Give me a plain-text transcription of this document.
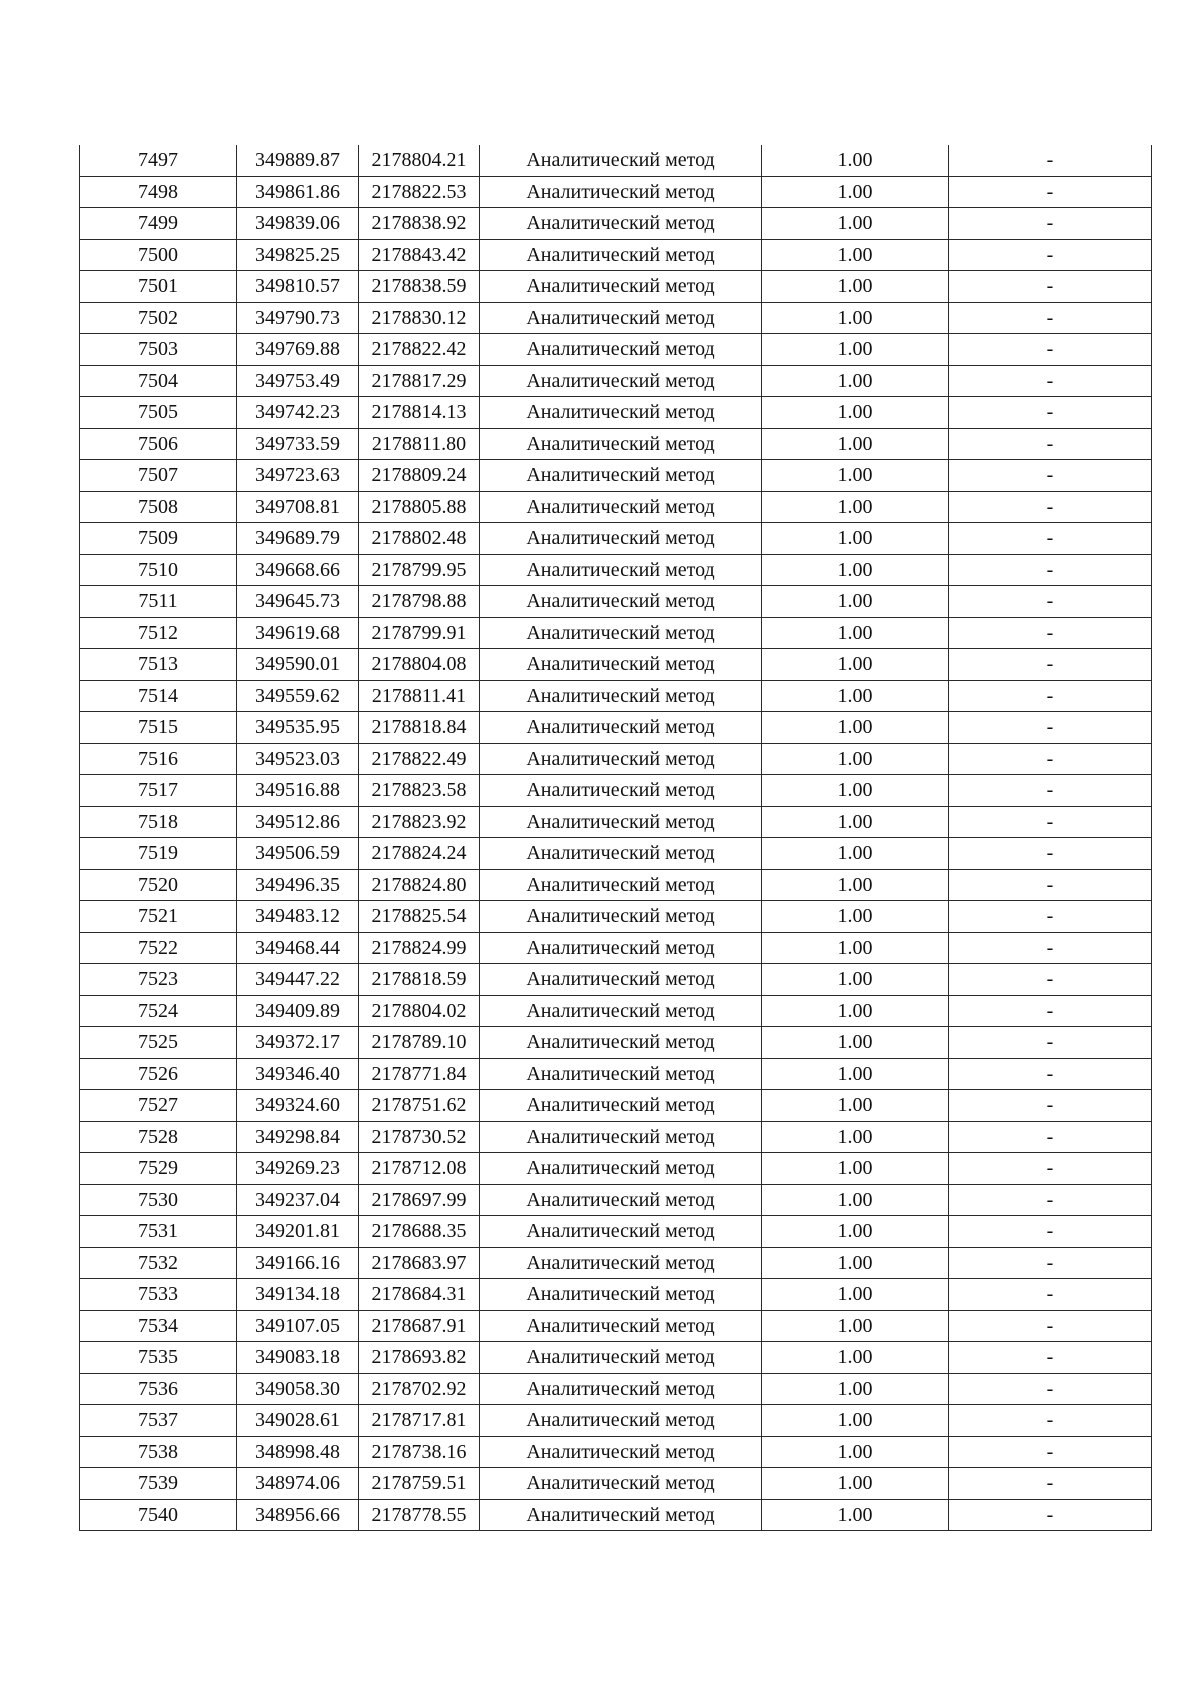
7497	349889.87	2178804.21	Аналитический метод	1.00	-
7498	349861.86	2178822.53	Аналитический метод	1.00	-
7499	349839.06	2178838.92	Аналитический метод	1.00	-
7500	349825.25	2178843.42	Аналитический метод	1.00	-
7501	349810.57	2178838.59	Аналитический метод	1.00	-
7502	349790.73	2178830.12	Аналитический метод	1.00	-
7503	349769.88	2178822.42	Аналитический метод	1.00	-
7504	349753.49	2178817.29	Аналитический метод	1.00	-
7505	349742.23	2178814.13	Аналитический метод	1.00	-
7506	349733.59	2178811.80	Аналитический метод	1.00	-
7507	349723.63	2178809.24	Аналитический метод	1.00	-
7508	349708.81	2178805.88	Аналитический метод	1.00	-
7509	349689.79	2178802.48	Аналитический метод	1.00	-
7510	349668.66	2178799.95	Аналитический метод	1.00	-
7511	349645.73	2178798.88	Аналитический метод	1.00	-
7512	349619.68	2178799.91	Аналитический метод	1.00	-
7513	349590.01	2178804.08	Аналитический метод	1.00	-
7514	349559.62	2178811.41	Аналитический метод	1.00	-
7515	349535.95	2178818.84	Аналитический метод	1.00	-
7516	349523.03	2178822.49	Аналитический метод	1.00	-
7517	349516.88	2178823.58	Аналитический метод	1.00	-
7518	349512.86	2178823.92	Аналитический метод	1.00	-
7519	349506.59	2178824.24	Аналитический метод	1.00	-
7520	349496.35	2178824.80	Аналитический метод	1.00	-
7521	349483.12	2178825.54	Аналитический метод	1.00	-
7522	349468.44	2178824.99	Аналитический метод	1.00	-
7523	349447.22	2178818.59	Аналитический метод	1.00	-
7524	349409.89	2178804.02	Аналитический метод	1.00	-
7525	349372.17	2178789.10	Аналитический метод	1.00	-
7526	349346.40	2178771.84	Аналитический метод	1.00	-
7527	349324.60	2178751.62	Аналитический метод	1.00	-
7528	349298.84	2178730.52	Аналитический метод	1.00	-
7529	349269.23	2178712.08	Аналитический метод	1.00	-
7530	349237.04	2178697.99	Аналитический метод	1.00	-
7531	349201.81	2178688.35	Аналитический метод	1.00	-
7532	349166.16	2178683.97	Аналитический метод	1.00	-
7533	349134.18	2178684.31	Аналитический метод	1.00	-
7534	349107.05	2178687.91	Аналитический метод	1.00	-
7535	349083.18	2178693.82	Аналитический метод	1.00	-
7536	349058.30	2178702.92	Аналитический метод	1.00	-
7537	349028.61	2178717.81	Аналитический метод	1.00	-
7538	348998.48	2178738.16	Аналитический метод	1.00	-
7539	348974.06	2178759.51	Аналитический метод	1.00	-
7540	348956.66	2178778.55	Аналитический метод	1.00	-
